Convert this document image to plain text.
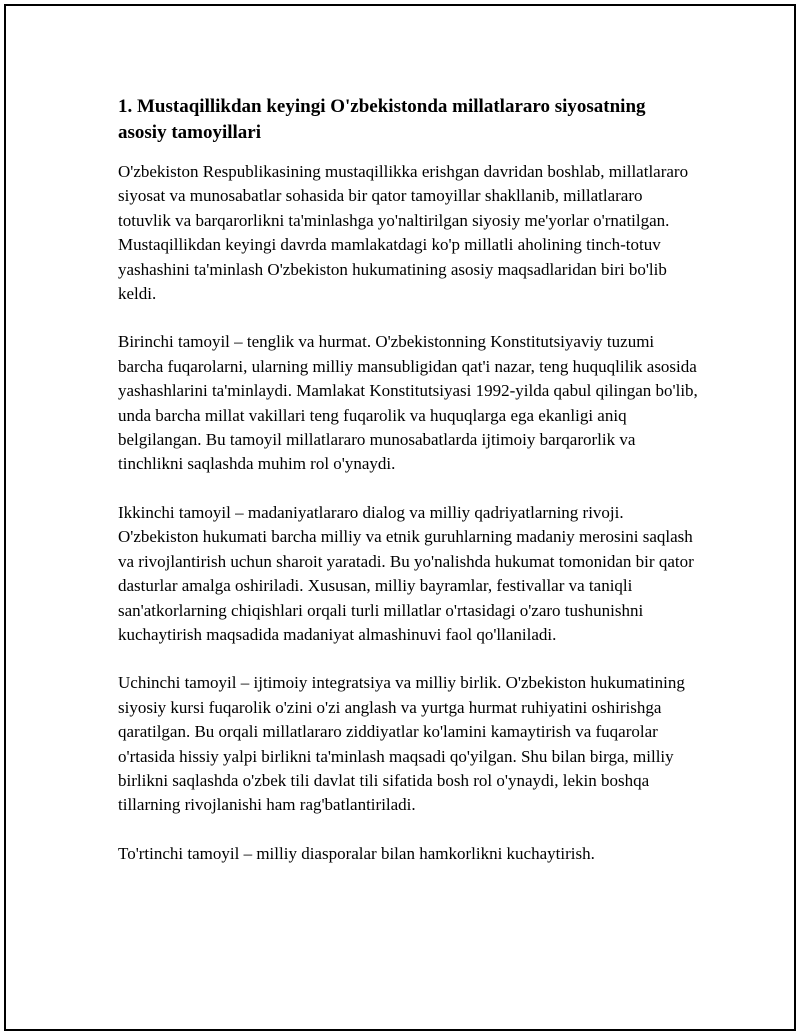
1. Mustaqillikdan keyingi O'zbekistonda millatlararo siyosatning asosiy tamoyillari

O'zbekiston Respublikasining mustaqillikka erishgan davridan boshlab, millatlararo siyosat va munosabatlar sohasida bir qator tamoyillar shakllanib, millatlararo totuvlik va barqarorlikni ta'minlashga yo'naltirilgan siyosiy me'yorlar o'rnatilgan. Mustaqillikdan keyingi davrda mamlakatdagi ko'p millatli aholining tinch-totuv yashashini ta'minlash O'zbekiston hukumatining asosiy maqsadlaridan biri bo'lib keldi.

Birinchi tamoyil – tenglik va hurmat. O'zbekistonning Konstitutsiyaviy tuzumi barcha fuqarolarni, ularning milliy mansubligidan qat'i nazar, teng huquqlilik asosida yashashlarini ta'minlaydi. Mamlakat Konstitutsiyasi 1992-yilda qabul qilingan bo'lib, unda barcha millat vakillari teng fuqarolik va huquqlarga ega ekanligi aniq belgilangan. Bu tamoyil millatlararo munosabatlarda ijtimoiy barqarorlik va tinchlikni saqlashda muhim rol o'ynaydi.

Ikkinchi tamoyil – madaniyatlararo dialog va milliy qadriyatlarning rivoji. O'zbekiston hukumati barcha milliy va etnik guruhlarning madaniy merosini saqlash va rivojlantirish uchun sharoit yaratadi. Bu yo'nalishda hukumat tomonidan bir qator dasturlar amalga oshiriladi. Xususan, milliy bayramlar, festivallar va taniqli san'atkorlarning chiqishlari orqali turli millatlar o'rtasidagi o'zaro tushunishni kuchaytirish maqsadida madaniyat almashinuvi faol qo'llaniladi.

Uchinchi tamoyil – ijtimoiy integratsiya va milliy birlik. O'zbekiston hukumatining siyosiy kursi fuqarolik o'zini o'zi anglash va yurtga hurmat ruhiyatini oshirishga qaratilgan. Bu orqali millatlararo ziddiyatlar ko'lamini kamaytirish va fuqarolar o'rtasida hissiy yalpi birlikni ta'minlash maqsadi qo'yilgan. Shu bilan birga, milliy birlikni saqlashda o'zbek tili davlat tili sifatida bosh rol o'ynaydi, lekin boshqa tillarning rivojlanishi ham rag'batlantiriladi.

To'rtinchi tamoyil – milliy diasporalar bilan hamkorlikni kuchaytirish.
